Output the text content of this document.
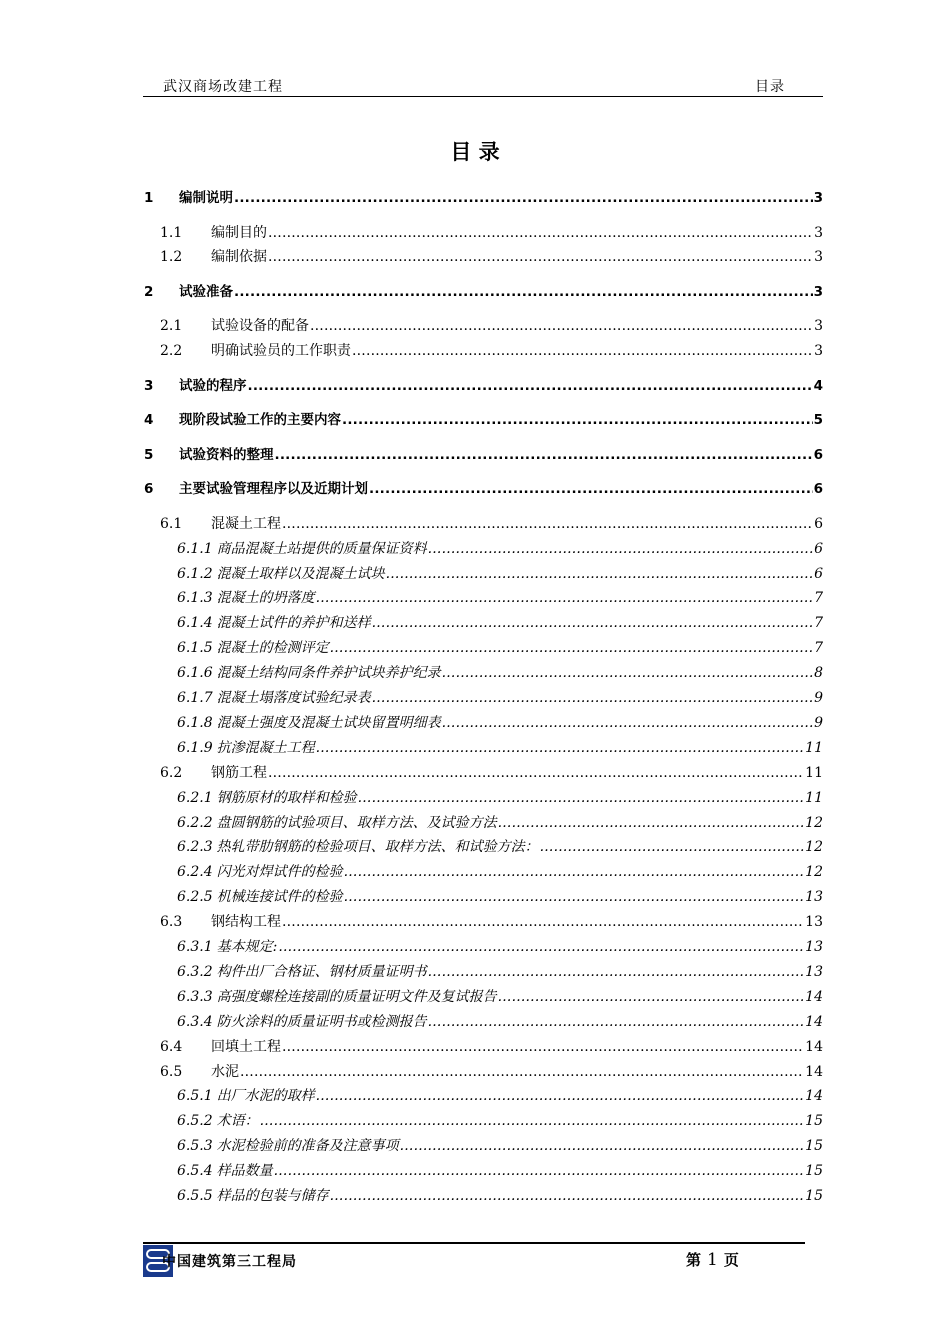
武汉商场改建工程	目录
目 录
1	编制说明 .....	3
1.1	编制目的 .....	3
1.2	编制依据 .....	3
2	试验准备 .....	3
2.1	试验设备的配备 .....	3
2.2	明确试验员的工作职责 .....	3
3	试验的程序 .....	4
4	现阶段试验工作的主要内容 .....	5
5	试验资料的整理 .....	6
6	主要试验管理程序以及近期计划 .....	6
6.1	混凝土工程 .....	6
6.1.1 商品混凝土站提供的质量保证资料 .....	6
6.1.2 混凝土取样以及混凝土试块 .....	6
6.1.3 混凝土的坍落度 .....	7
6.1.4 混凝土试件的养护和送样 .....	7
6.1.5 混凝土的检测评定 .....	7
6.1.6 混凝土结构同条件养护试块养护纪录 .....	8
6.1.7 混凝土塌落度试验纪录表 .....	9
6.1.8 混凝土强度及混凝土试块留置明细表 .....	9
6.1.9 抗渗混凝土工程 .....	11
6.2	钢筋工程 .....	11
6.2.1 钢筋原材的取样和检验 .....	11
6.2.2 盘圆钢筋的试验项目、取样方法、及试验方法 .....	12
6.2.3 热轧带肋钢筋的检验项目、取样方法、和试验方法： .....	12
6.2.4 闪光对焊试件的检验 .....	12
6.2.5 机械连接试件的检验 .....	13
6.3	钢结构工程 .....	13
6.3.1 基本规定: .....	13
6.3.2 构件出厂合格证、钢材质量证明书 .....	13
6.3.3 高强度螺栓连接副的质量证明文件及复试报告 .....	14
6.3.4 防火涂料的质量证明书或检测报告 .....	14
6.4	回填土工程 .....	14
6.5	水泥 .....	14
6.5.1 出厂水泥的取样 .....	14
6.5.2 术语： .....	15
6.5.3 水泥检验前的准备及注意事项 .....	15
6.5.4 样品数量 .....	15
6.5.5 样品的包装与储存 .....	15
中国建筑第三工程局	第 1 页
